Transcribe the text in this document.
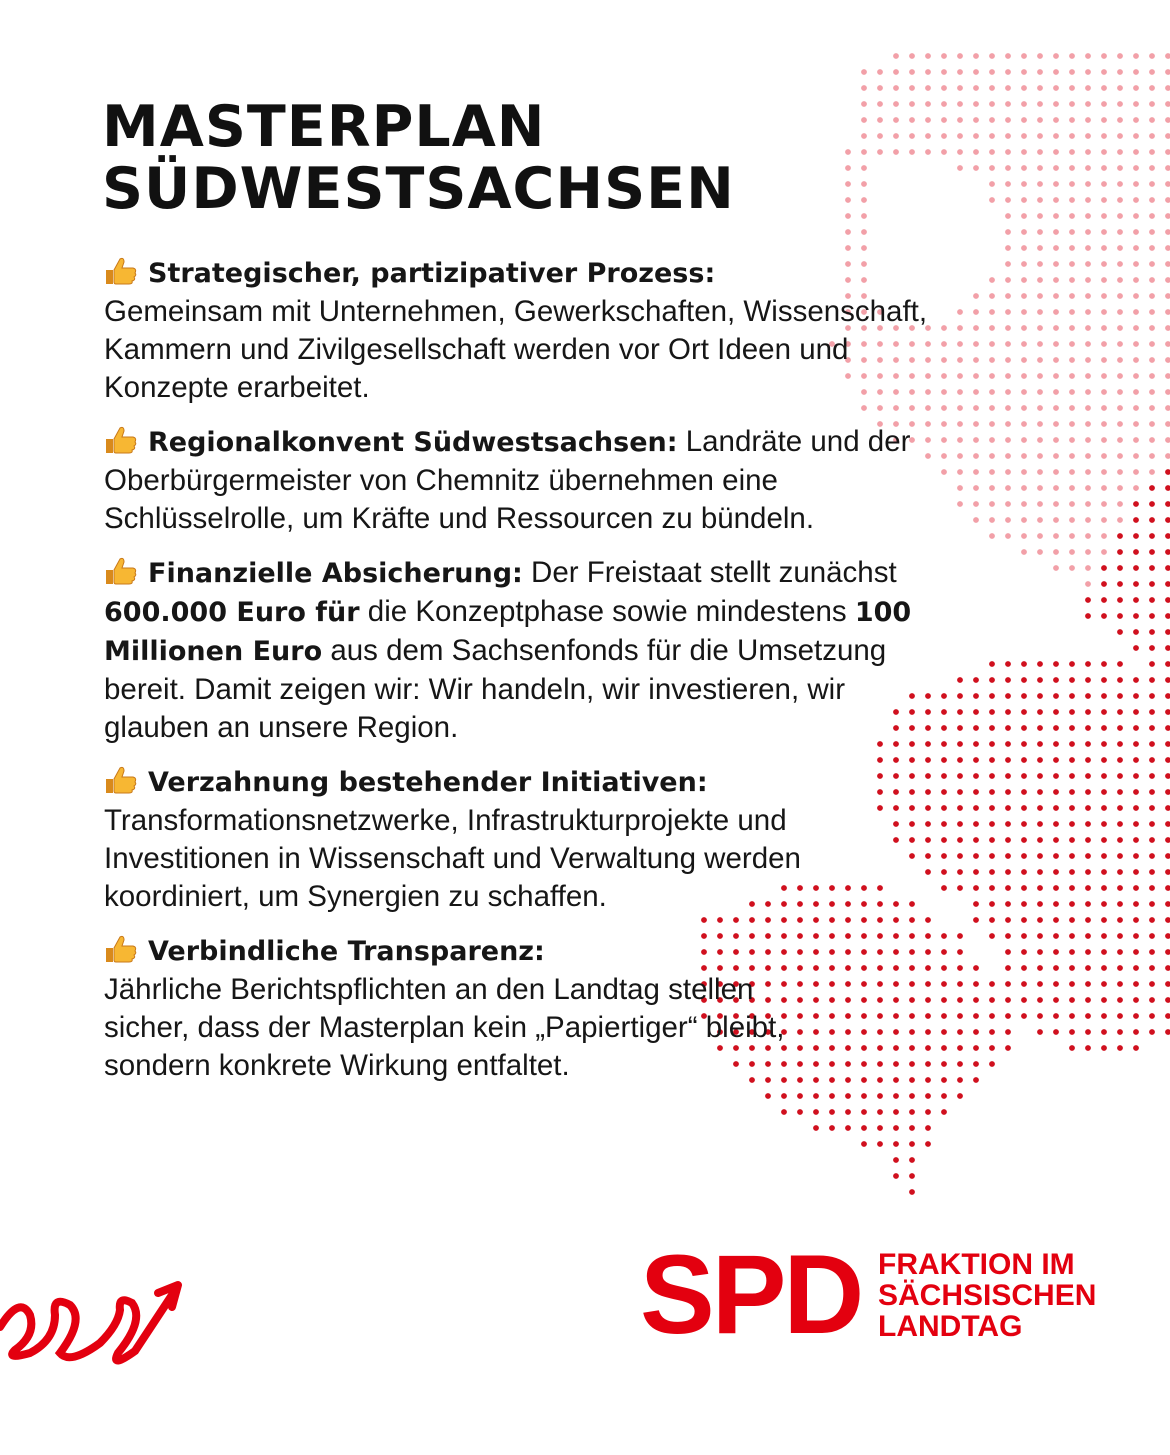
MASTERPLAN
SÜDWESTSACHSEN

Strategischer, partizipativer Prozess:
Gemeinsam mit Unternehmen, Gewerkschaften, Wissenschaft, Kammern und Zivilgesellschaft werden vor Ort Ideen und Konzepte erarbeitet.

Regionalkonvent Südwestsachsen: Landräte und der Oberbürgermeister von Chemnitz übernehmen eine Schlüsselrolle, um Kräfte und Ressourcen zu bündeln.

Finanzielle Absicherung: Der Freistaat stellt zunächst 600.000 Euro für die Konzeptphase sowie mindestens 100 Millionen Euro aus dem Sachsenfonds für die Umsetzung bereit. Damit zeigen wir: Wir handeln, wir investieren, wir glauben an unsere Region.

Verzahnung bestehender Initiativen:
Transformationsnetzwerke, Infrastrukturprojekte und Investitionen in Wissenschaft und Verwaltung werden koordiniert, um Synergien zu schaffen.

Verbindliche Transparenz:
Jährliche Berichtspflichten an den Landtag stellen sicher, dass der Masterplan kein „Papiertiger“ bleibt, sondern konkrete Wirkung entfaltet.

SPD FRAKTION IM
SÄCHSISCHEN
LANDTAG
